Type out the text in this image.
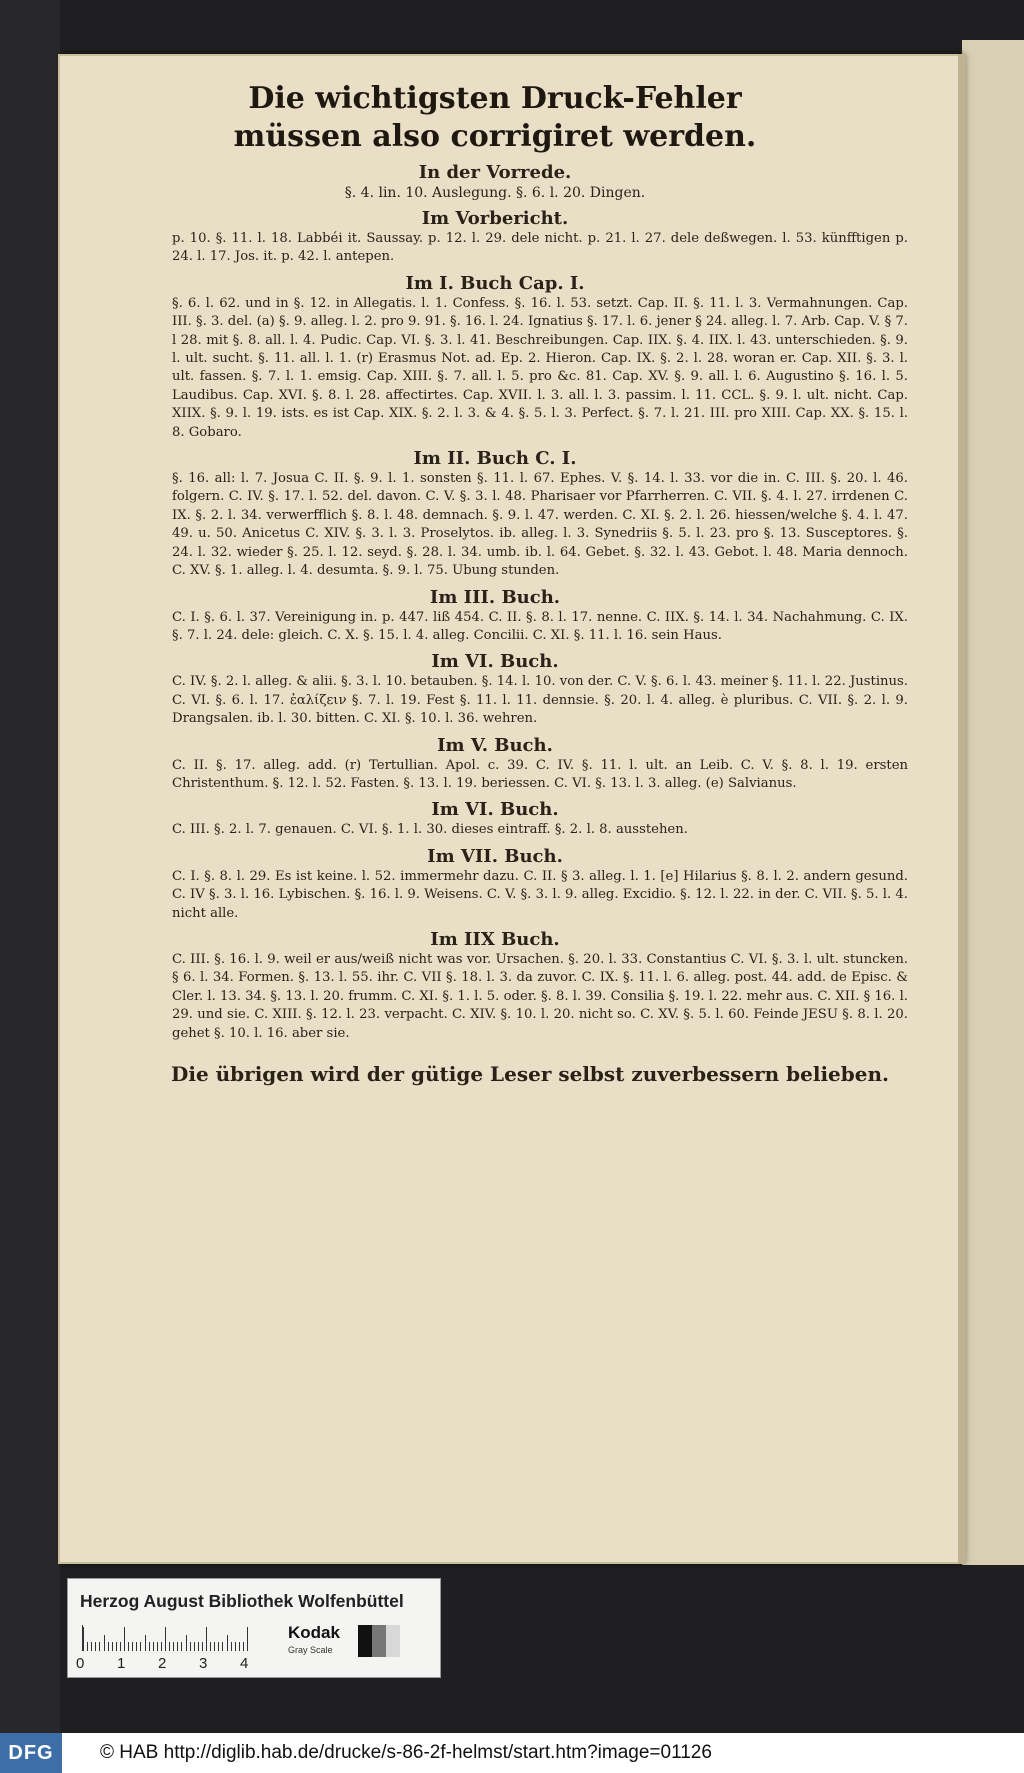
Die wichtigsten Druck-Fehler müssen also corrigiret werden.
In der Vorrede.
§. 4. lin. 10. Auslegung. §. 6. l. 20. Dingen.
Im Vorbericht.
p. 10. §. 11. l. 18. Labbéi it. Saussay. p. 12. l. 29. dele nicht. p. 21. l. 27. dele deßwegen. l. 53. künfftigen p. 24. l. 17. Jos. it. p. 42. l. antepen.
Im I. Buch Cap. I.
§. 6. l. 62. und in §. 12. in Allegatis. l. 1. Confess. §. 16. l. 53. setzt. Cap. II. §. 11. l. 3. Vermahnungen. Cap. III. §. 3. del. (a) §. 9. alleg. l. 2. pro 9. 91. §. 16. l. 24. Ignatius §. 17. l. 6. jener § 24. alleg. l. 7. Arb. Cap. V. § 7. l 28. mit §. 8. all. l. 4. Pudic. Cap. VI. §. 3. l. 41. Beschreibungen. Cap. IIX. §. 4. IIX. l. 43. unterschieden. §. 9. l. ult. sucht. §. 11. all. l. 1. (r) Erasmus Not. ad. Ep. 2. Hieron. Cap. IX. §. 2. l. 28. woran er. Cap. XII. §. 3. l. ult. fassen. §. 7. l. 1. emsig. Cap. XIII. §. 7. all. l. 5. pro &c. 81. Cap. XV. §. 9. all. l. 6. Augustino §. 16. l. 5. Laudibus. Cap. XVI. §. 8. l. 28. affectirtes. Cap. XVII. l. 3. all. l. 3. passim. l. 11. CCL. §. 9. l. ult. nicht. Cap. XIIX. §. 9. l. 19. ists. es ist Cap. XIX. §. 2. l. 3. & 4. §. 5. l. 3. Perfect. §. 7. l. 21. III. pro XIII. Cap. XX. §. 15. l. 8. Gobaro.
Im II. Buch C. I.
§. 16. all: l. 7. Josua C. II. §. 9. l. 1. sonsten §. 11. l. 67. Ephes. V. §. 14. l. 33. vor die in. C. III. §. 20. l. 46. folgern. C. IV. §. 17. l. 52. del. davon. C. V. §. 3. l. 48. Pharisaer vor Pfarrherren. C. VII. §. 4. l. 27. irrdenen C. IX. §. 2. l. 34. verwerfflich §. 8. l. 48. demnach. §. 9. l. 47. werden. C. XI. §. 2. l. 26. hiessen/welche §. 4. l. 47. 49. u. 50. Anicetus C. XIV. §. 3. l. 3. Proselytos. ib. alleg. l. 3. Synedriis §. 5. l. 23. pro §. 13. Susceptores. §. 24. l. 32. wieder §. 25. l. 12. seyd. §. 28. l. 34. umb. ib. l. 64. Gebet. §. 32. l. 43. Gebot. l. 48. Maria dennoch. C. XV. §. 1. alleg. l. 4. desumta. §. 9. l. 75. Ubung stunden.
Im III. Buch.
C. I. §. 6. l. 37. Vereinigung in. p. 447. liß 454. C. II. §. 8. l. 17. nenne. C. IIX. §. 14. l. 34. Nachahmung. C. IX. §. 7. l. 24. dele: gleich. C. X. §. 15. l. 4. alleg. Concilii. C. XI. §. 11. l. 16. sein Haus.
Im VI. Buch.
C. IV. §. 2. l. alleg. & alii. §. 3. l. 10. betauben. §. 14. l. 10. von der. C. V. §. 6. l. 43. meiner §. 11. l. 22. Justinus. C. VI. §. 6. l. 17. ἐαλίζειν §. 7. l. 19. Fest §. 11. l. 11. dennsie. §. 20. l. 4. alleg. è pluribus. C. VII. §. 2. l. 9. Drangsalen. ib. l. 30. bitten. C. XI. §. 10. l. 36. wehren.
Im V. Buch.
C. II. §. 17. alleg. add. (r) Tertullian. Apol. c. 39. C. IV. §. 11. l. ult. an Leib. C. V. §. 8. l. 19. ersten Christenthum. §. 12. l. 52. Fasten. §. 13. l. 19. beriessen. C. VI. §. 13. l. 3. alleg. (e) Salvianus.
Im VI. Buch.
C. III. §. 2. l. 7. genauen. C. VI. §. 1. l. 30. dieses eintraff. §. 2. l. 8. ausstehen.
Im VII. Buch.
C. I. §. 8. l. 29. Es ist keine. l. 52. immermehr dazu. C. II. § 3. alleg. l. 1. [e] Hilarius §. 8. l. 2. andern gesund. C. IV §. 3. l. 16. Lybischen. §. 16. l. 9. Weisens. C. V. §. 3. l. 9. alleg. Excidio. §. 12. l. 22. in der. C. VII. §. 5. l. 4. nicht alle.
Im IIX Buch.
C. III. §. 16. l. 9. weil er aus/weiß nicht was vor. Ursachen. §. 20. l. 33. Constantius C. VI. §. 3. l. ult. stuncken. § 6. l. 34. Formen. §. 13. l. 55. ihr. C. VII §. 18. l. 3. da zuvor. C. IX. §. 11. l. 6. alleg. post. 44. add. de Episc. & Cler. l. 13. 34. §. 13. l. 20. frumm. C. XI. §. 1. l. 5. oder. §. 8. l. 39. Consilia §. 19. l. 22. mehr aus. C. XII. § 16. l. 29. und sie. C. XIII. §. 12. l. 23. verpacht. C. XIV. §. 10. l. 20. nicht so. C. XV. §. 5. l. 60. Feinde JESU §. 8. l. 20. gehet §. 10. l. 16. aber sie.
Die übrigen wird der gütige Leser selbst zuverbessern belieben.
Herzog August Bibliothek Wolfenbüttel
0 1 2 3 4
Kodak
Gray Scale
DFG	© HAB http://diglib.hab.de/drucke/s-86-2f-helmst/start.htm?image=01126
